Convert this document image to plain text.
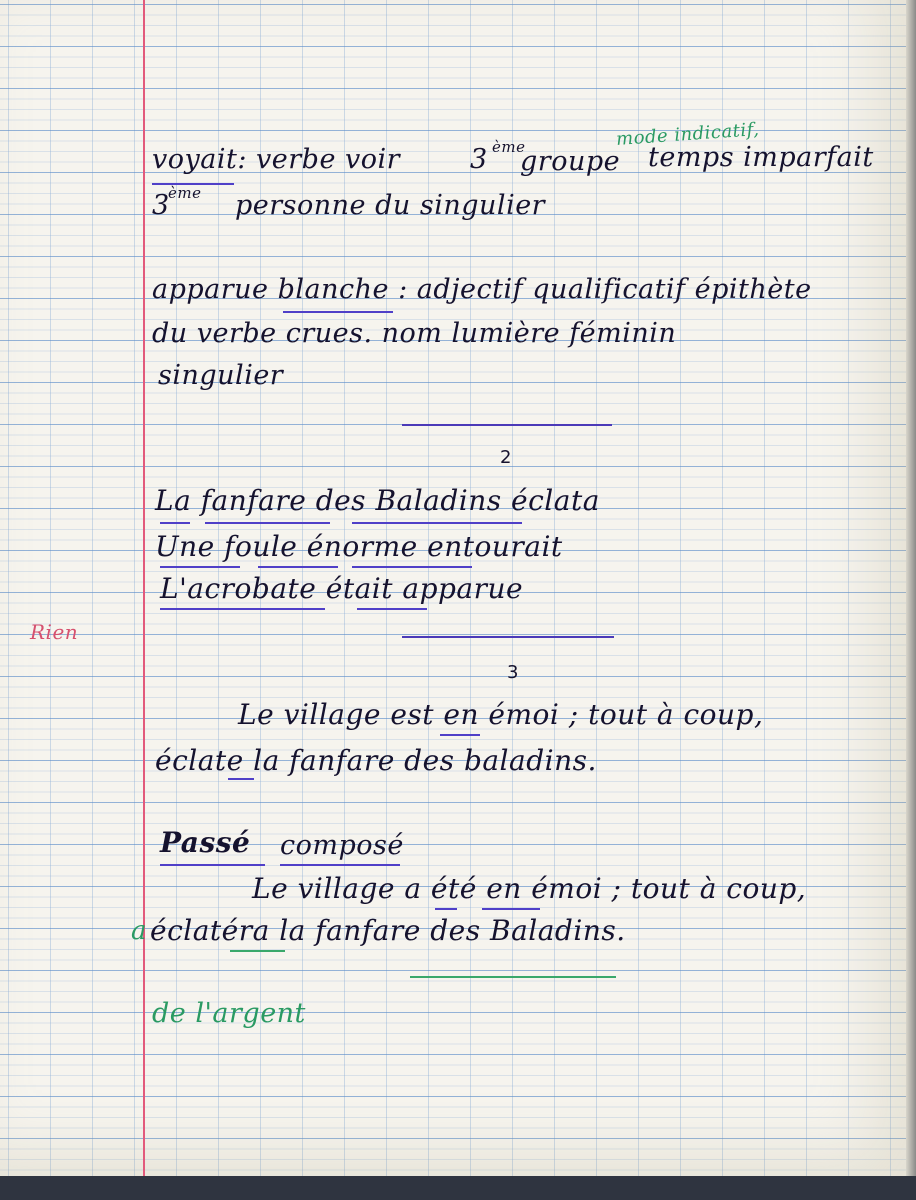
voyait: verbe voir	3 ème
groupe temps imparfait
mode indicatif,
3
ème personne du singulier
apparue blanche : adjectif qualificatif épithète
du verbe crues. nom lumière féminin
singulier
2
La fanfare des Baladins éclata
Une foule énorme entourait
L'acrobate était apparue
Rien
3
Le village est en émoi ; tout à coup,
éclate la fanfare des baladins.
Passé composé
Le village a été en émoi ; tout à coup,
a éclatéra la fanfare des Baladins.
de l'argent
